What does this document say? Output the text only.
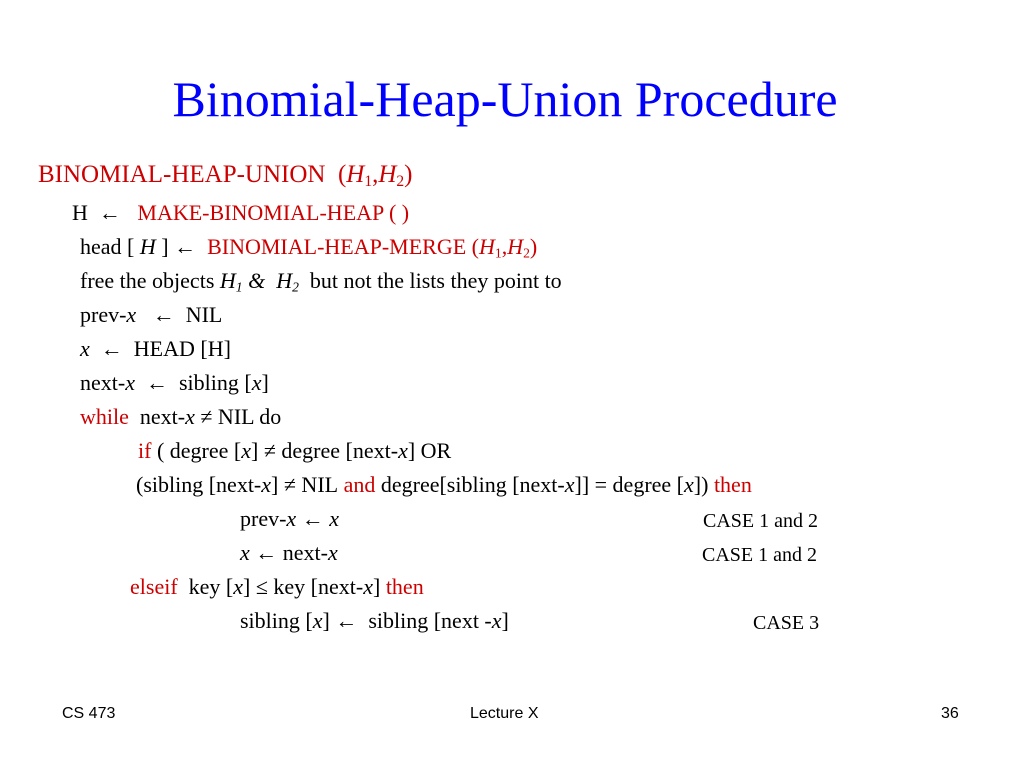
Binomial-Heap-Union Procedure
BINOMIAL-HEAP-UNION $(H_1,H_2)$
H ← MAKE-BINOMIAL-HEAP ( )
head [ H ] ← BINOMIAL-HEAP-MERGE $(H_1,H_2)$
free the objects $H_1$ & $H_2$ but not the lists they point to
prev-x ← NIL
x ← HEAD [H]
next-x ← sibling [x]
while next-x ≠ NIL do
if ( degree [x] ≠ degree [next-x] OR
(sibling [next-x] ≠ NIL and degree[sibling [next-x]] = degree [x]) then
prev-x ← x	CASE 1 and 2
x ← next-x	CASE 1 and 2
elseif key [x] ≤ key [next-x] then
sibling [x] ← sibling [next -x]	CASE 3
CS 473	Lecture X	36
